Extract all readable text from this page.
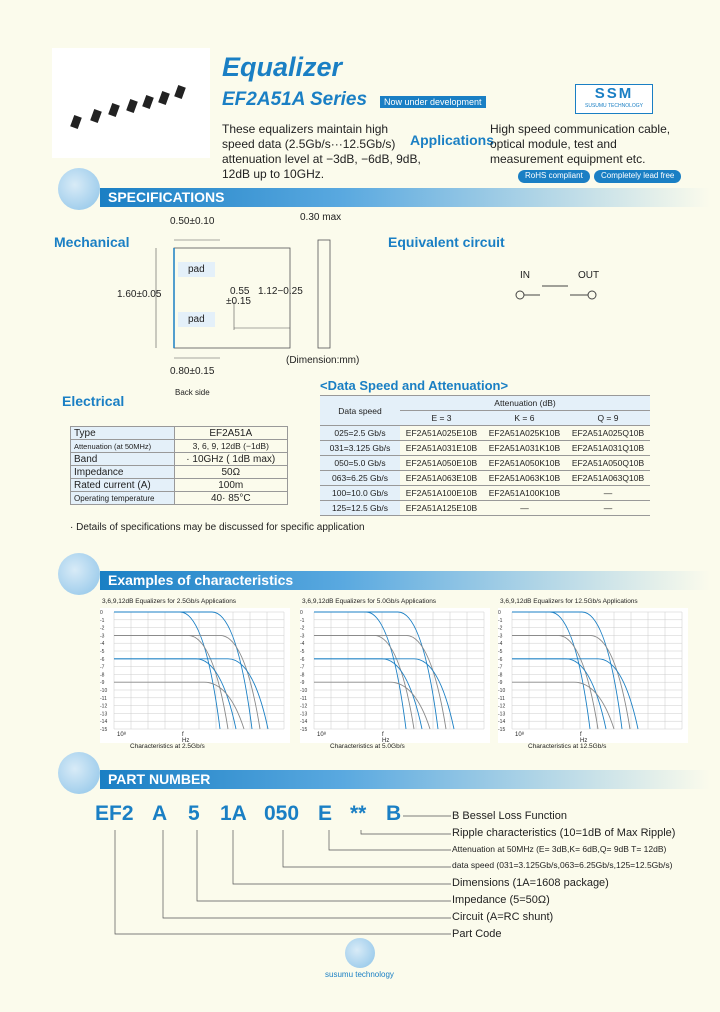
Equalizer
EF2A51A Series	Now under development	SSM
SUSUMU TECHNOLOGY
These equalizers maintain high speed data (2.5Gb/s···12.5Gb/s) attenuation level at −3dB, −6dB, 9dB, 12dB up to 10GHz.
Applications
High speed communication cable, optical module, test and measurement equipment etc.
RoHS compliant	Completely lead free
SPECIFICATIONS
Mechanical	Equivalent circuit
0.50±0.10	0.30 max
pad
pad
1.60±0.05	0.55
±0.15
1.12−0.25
0.80±0.15
Back side
(Dimension:mm)
IN	OUT
Electrical
Type	EF2A51A
Attenuation (at 50MHz)	3, 6, 9, 12dB (−1dB)
Band	· 10GHz ( 1dB max)
Impedance	50Ω
Rated current (A)	100m
Operating temperature	40· 85°C
· Details of specifications may be discussed for specific application
<Data Speed and Attenuation>
Data speed	Attenuation (dB)		
	E = 3	K = 6	Q = 9
025=2.5 Gb/s	EF2A51A025E10B	EF2A51A025K10B	EF2A51A025Q10B
031=3.125 Gb/s	EF2A51A031E10B	EF2A51A031K10B	EF2A51A031Q10B
050=5.0 Gb/s	EF2A51A050E10B	EF2A51A050K10B	EF2A51A050Q10B
063=6.25 Gb/s	EF2A51A063E10B	EF2A51A063K10B	EF2A51A063Q10B
100=10.0 Gb/s	EF2A51A100E10B	EF2A51A100K10B	—
125=12.5 Gb/s	EF2A51A125E10B	—	—
Examples of characteristics
3,6,9,12dB Equalizers for 2.5Gb/s Applications
0
-1
-2
-3
-4
-5
-6
-7
-8
-9
-10
-11
-12
-13
-14
-15
10⁸	f Hz
Characteristics at 2.5Gb/s
3,6,9,12dB Equalizers for 5.0Gb/s Applications
0
-1
-2
-3
-4
-5
-6
-7
-8
-9
-10
-11
-12
-13
-14
-15
10⁸	f Hz
Characteristics at 5.0Gb/s
3,6,9,12dB Equalizers for 12.5Gb/s Applications
0
-1
-2
-3
-4
-5
-6
-7
-8
-9
-10
-11
-12
-13
-14
-15
10⁸	f Hz
Characteristics at 12.5Gb/s
PART NUMBER
EF2 A 5 1A 050 E ** B	B Bessel Loss Function
Ripple characteristics (10=1dB of Max Ripple)
Attenuation at 50MHz (E= 3dB,K= 6dB,Q= 9dB T= 12dB)
data speed (031=3.125Gb/s,063=6.25Gb/s,125=12.5Gb/s)
Dimensions (1A=1608 package)
Impedance (5=50Ω)
Circuit (A=RC shunt)
Part Code
susumu technology
